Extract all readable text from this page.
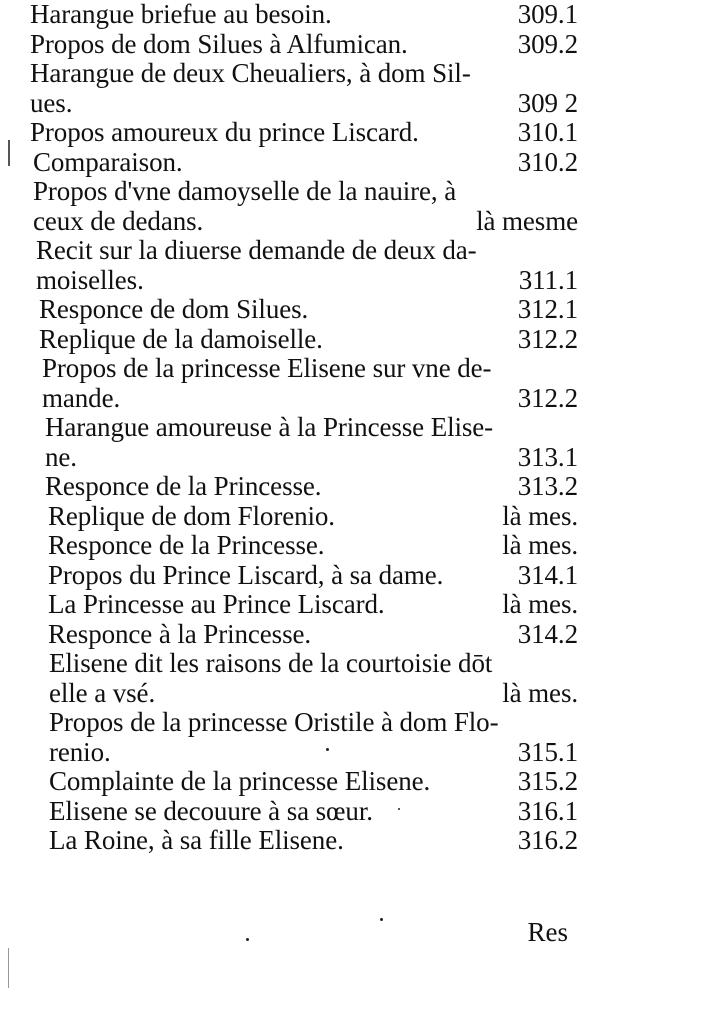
Harangue briefue au besoin.	309.1
Propos de dom Silues à Alfumican.	309.2
Harangue de deux Cheualiers, à dom Sil-
ues.	309 2
Propos amoureux du prince Liscard.	310.1
Comparaison.	310.2
Propos d'vne damoyselle de la nauire, à
ceux de dedans.	là mesme
Recit sur la diuerse demande de deux da-
moiselles.	311.1
Responce de dom Silues.	312.1
Replique de la damoiselle.	312.2
Propos de la princesse Elisene sur vne de-
mande.	312.2
Harangue amoureuse à la Princesse Elise-
ne.	313.1
Responce de la Princesse.	313.2
Replique de dom Florenio.	là mes.
Responce de la Princesse.	là mes.
Propos du Prince Liscard, à sa dame.	314.1
La Princesse au Prince Liscard.	là mes.
Responce à la Princesse.	314.2
Elisene dit les raisons de la courtoisie dōt
elle a vsé.	là mes.
Propos de la princesse Oristile à dom Flo-
renio.	315.1
Complainte de la princesse Elisene.	315.2
Elisene se decouure à sa sœur.	316.1
La Roine, à sa fille Elisene.	316.2
Res
